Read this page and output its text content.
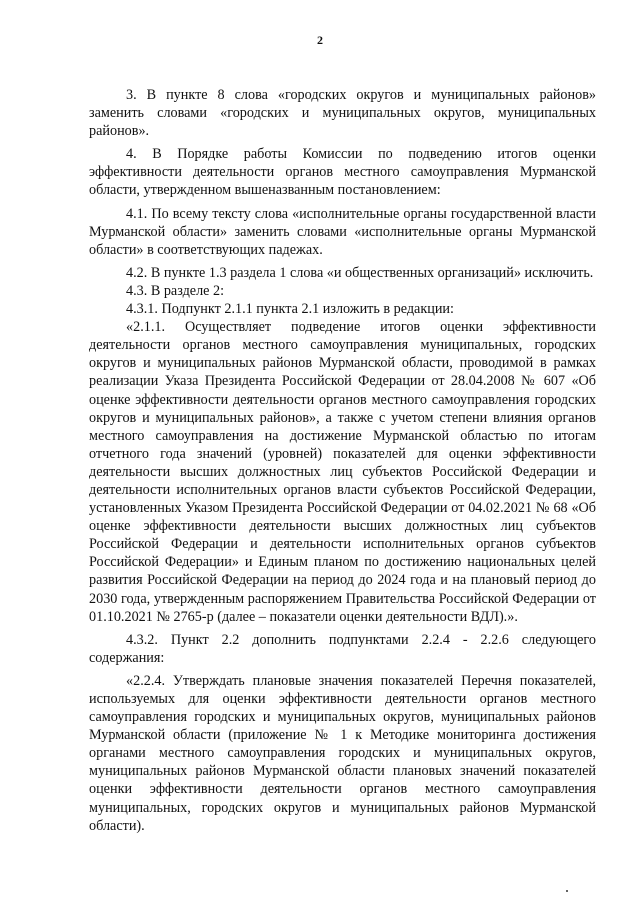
2

3. В пункте 8 слова «городских округов и муниципальных районов» заменить словами «городских и муниципальных округов, муниципальных районов».

4. В Порядке работы Комиссии по подведению итогов оценки эффективности деятельности органов местного самоуправления Мурманской области, утвержденном вышеназванным постановлением:

4.1. По всему тексту слова «исполнительные органы государственной власти Мурманской области» заменить словами «исполнительные органы Мурманской области» в соответствующих падежах.

4.2. В пункте 1.3 раздела 1 слова «и общественных организаций» исключить.

4.3. В разделе 2:

4.3.1. Подпункт 2.1.1 пункта 2.1 изложить в редакции:

«2.1.1. Осуществляет подведение итогов оценки эффективности деятельности органов местного самоуправления муниципальных, городских округов и муниципальных районов Мурманской области, проводимой в рамках реализации Указа Президента Российской Федерации от 28.04.2008 № 607 «Об оценке эффективности деятельности органов местного самоуправления городских округов и муниципальных районов», а также с учетом степени влияния органов местного самоуправления на достижение Мурманской областью по итогам отчетного года значений (уровней) показателей для оценки эффективности деятельности высших должностных лиц субъектов Российской Федерации и деятельности исполнительных органов власти субъектов Российской Федерации, установленных Указом Президента Российской Федерации от 04.02.2021 № 68 «Об оценке эффективности деятельности высших должностных лиц субъектов Российской Федерации и деятельности исполнительных органов субъектов Российской Федерации» и Единым планом по достижению национальных целей развития Российской Федерации на период до 2024 года и на плановый период до 2030 года, утвержденным распоряжением Правительства Российской Федерации от 01.10.2021 № 2765-р (далее – показатели оценки деятельности ВДЛ).».

4.3.2. Пункт 2.2 дополнить подпунктами 2.2.4 - 2.2.6 следующего содержания:

«2.2.4. Утверждать плановые значения показателей Перечня показателей, используемых для оценки эффективности деятельности органов местного самоуправления городских и муниципальных округов, муниципальных районов Мурманской области (приложение № 1 к Методике мониторинга достижения органами местного самоуправления городских и муниципальных округов, муниципальных районов Мурманской области плановых значений показателей оценки эффективности деятельности органов местного самоуправления муниципальных, городских округов и муниципальных районов Мурманской области).
